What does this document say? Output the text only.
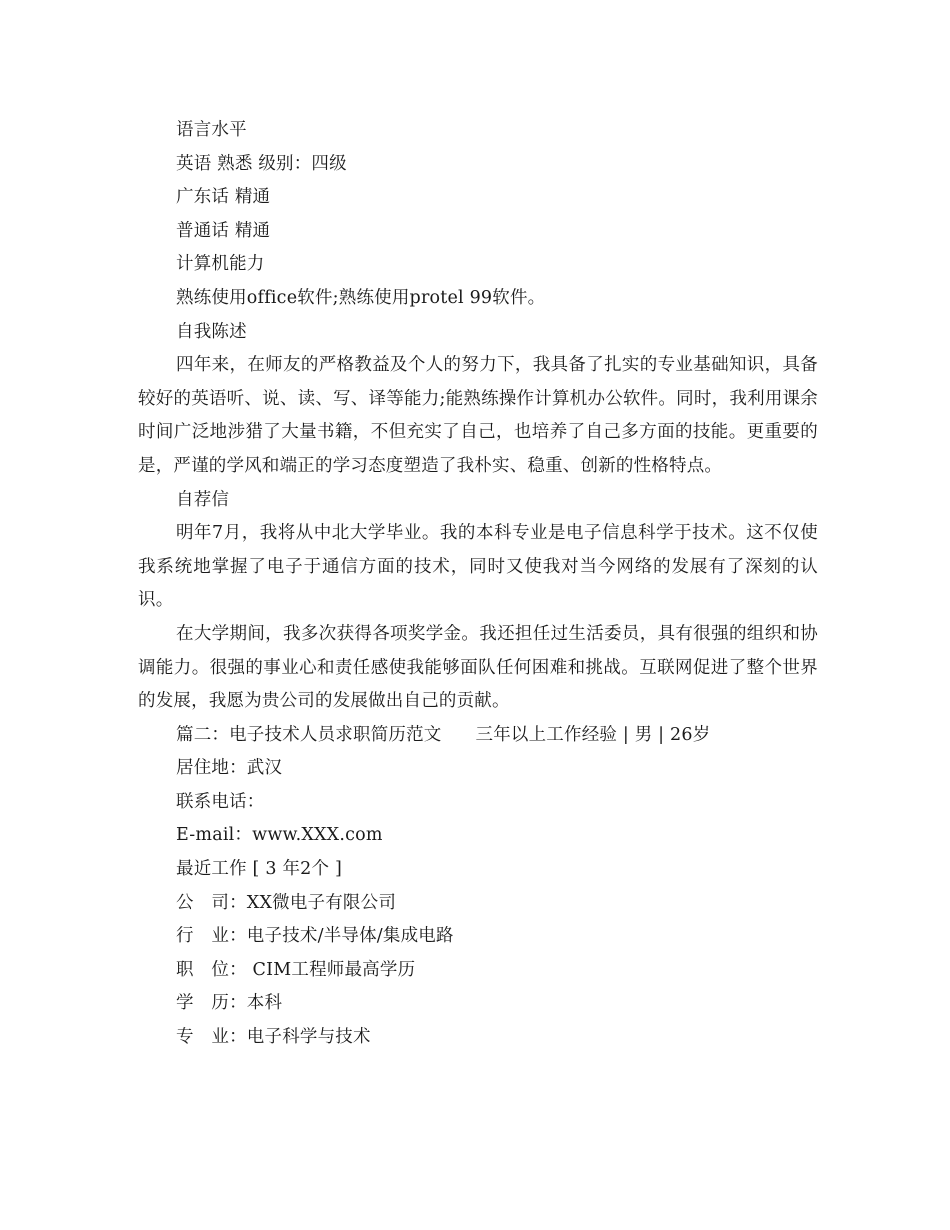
语言水平
英语 熟悉 级别：四级
广东话 精通
普通话 精通
计算机能力
熟练使用office软件;熟练使用protel 99软件。
自我陈述
四年来，在师友的严格教益及个人的努力下，我具备了扎实的专业基础知识，具备较好的英语听、说、读、写、译等能力;能熟练操作计算机办公软件。同时，我利用课余时间广泛地涉猎了大量书籍，不但充实了自己，也培养了自己多方面的技能。更重要的是，严谨的学风和端正的学习态度塑造了我朴实、稳重、创新的性格特点。
自荐信
明年7月，我将从中北大学毕业。我的本科专业是电子信息科学于技术。这不仅使我系统地掌握了电子于通信方面的技术，同时又使我对当今网络的发展有了深刻的认识。
在大学期间，我多次获得各项奖学金。我还担任过生活委员，具有很强的组织和协调能力。很强的事业心和责任感使我能够面队任何困难和挑战。互联网促进了整个世界的发展，我愿为贵公司的发展做出自己的贡献。
篇二：电子技术人员求职简历范文 三年以上工作经验 | 男 | 26岁
居住地：武汉
联系电话：
E-mail：www.XXX.com
最近工作 [ 3 年2个 ]
公　司：XX微电子有限公司
行　业：电子技术/半导体/集成电路
职　位： CIM工程师最高学历
学　历：本科
专　业：电子科学与技术
